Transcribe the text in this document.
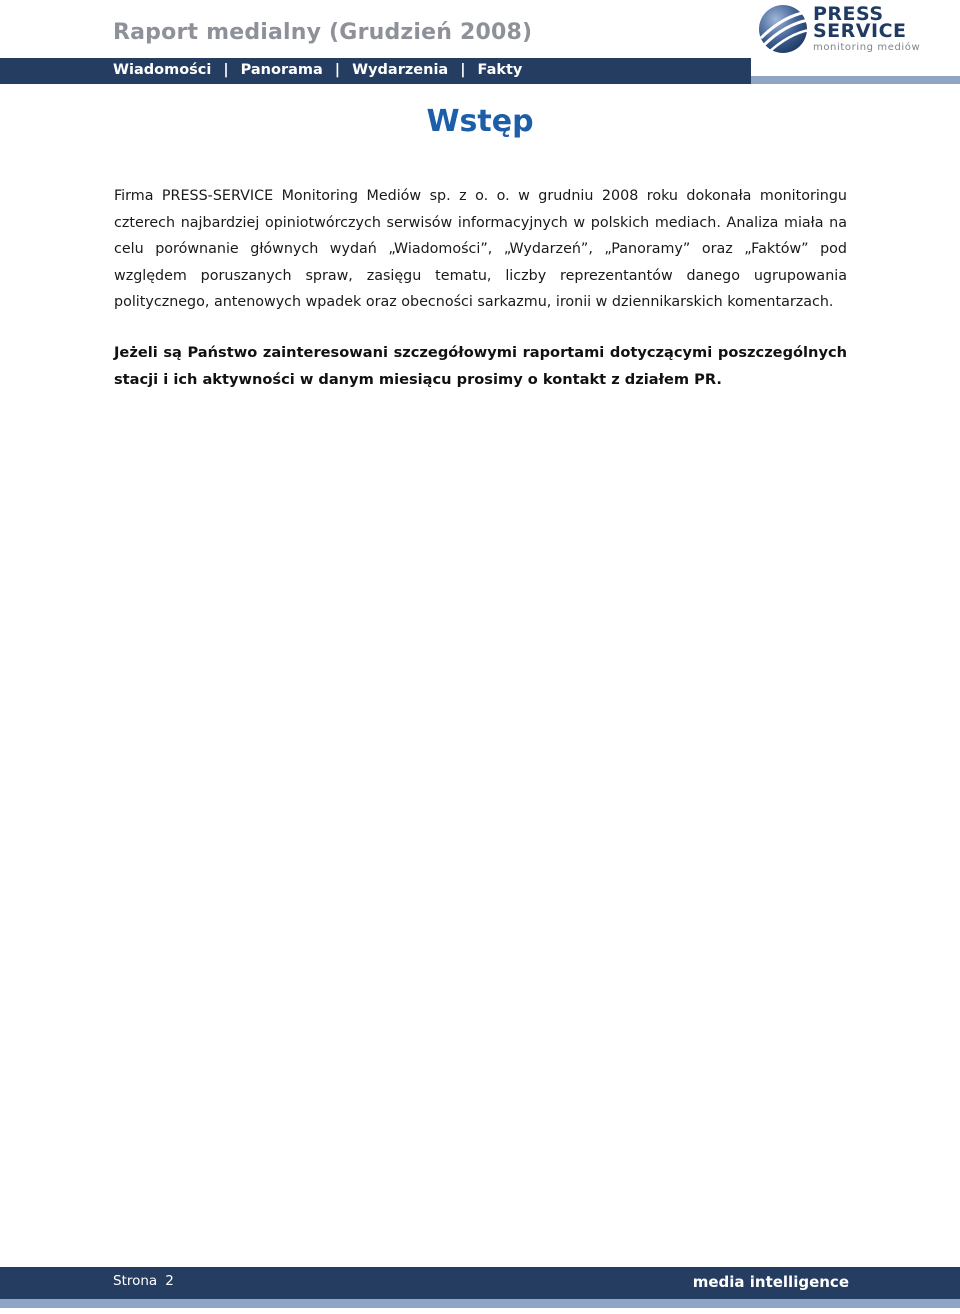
Raport medialny (Grudzień 2008)
Wiadomości | Panorama | Wydarzenia | Fakty
PRESS
SERVICE
monitoring mediów
Wstęp

Firma PRESS-SERVICE Monitoring Mediów sp. z o. o. w grudniu 2008 roku dokonała monitoringu czterech najbardziej opiniotwórczych serwisów informacyjnych w polskich mediach. Analiza miała na celu porównanie głównych wydań „Wiadomości”, „Wydarzeń”, „Panoramy” oraz „Faktów” pod względem poruszanych spraw, zasięgu tematu, liczby reprezentantów danego ugrupowania politycznego, antenowych wpadek oraz obecności sarkazmu, ironii w dziennikarskich komentarzach.

Jeżeli są Państwo zainteresowani szczegółowymi raportami dotyczącymi poszczególnych stacji i ich aktywności w danym miesiącu prosimy o kontakt z działem PR.

Strona 2	media intelligence
